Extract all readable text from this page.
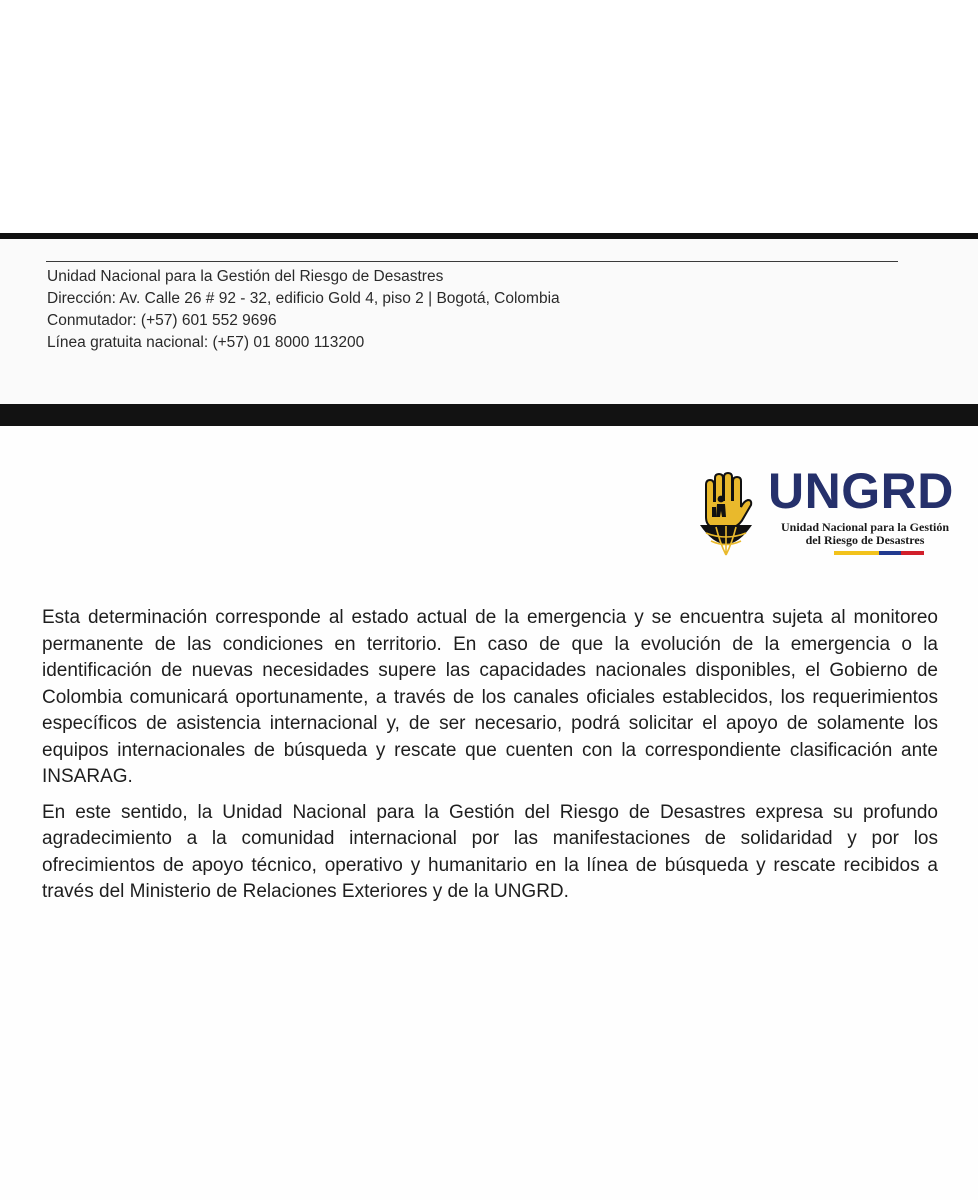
Unidad Nacional para la Gestión del Riesgo de Desastres
Dirección: Av. Calle 26 # 92 - 32, edificio Gold 4, piso 2 | Bogotá, Colombia
Conmutador: (+57) 601 552 9696
Línea gratuita nacional: (+57) 01 8000 113200
UNGRD
Unidad Nacional para la Gestión
del Riesgo de Desastres

Esta determinación corresponde al estado actual de la emergencia y se encuentra sujeta al monitoreo permanente de las condiciones en territorio. En caso de que la evolución de la emergencia o la identificación de nuevas necesidades supere las capacidades nacionales disponibles, el Gobierno de Colombia comunicará oportunamente, a través de los canales oficiales establecidos, los requerimientos específicos de asistencia internacional y, de ser necesario, podrá solicitar el apoyo de solamente los equipos internacionales de búsqueda y rescate que cuenten con la correspondiente clasificación ante INSARAG.

En este sentido, la Unidad Nacional para la Gestión del Riesgo de Desastres expresa su profundo agradecimiento a la comunidad internacional por las manifestaciones de solidaridad y por los ofrecimientos de apoyo técnico, operativo y humanitario en la línea de búsqueda y rescate recibidos a través del Ministerio de Relaciones Exteriores y de la UNGRD.
